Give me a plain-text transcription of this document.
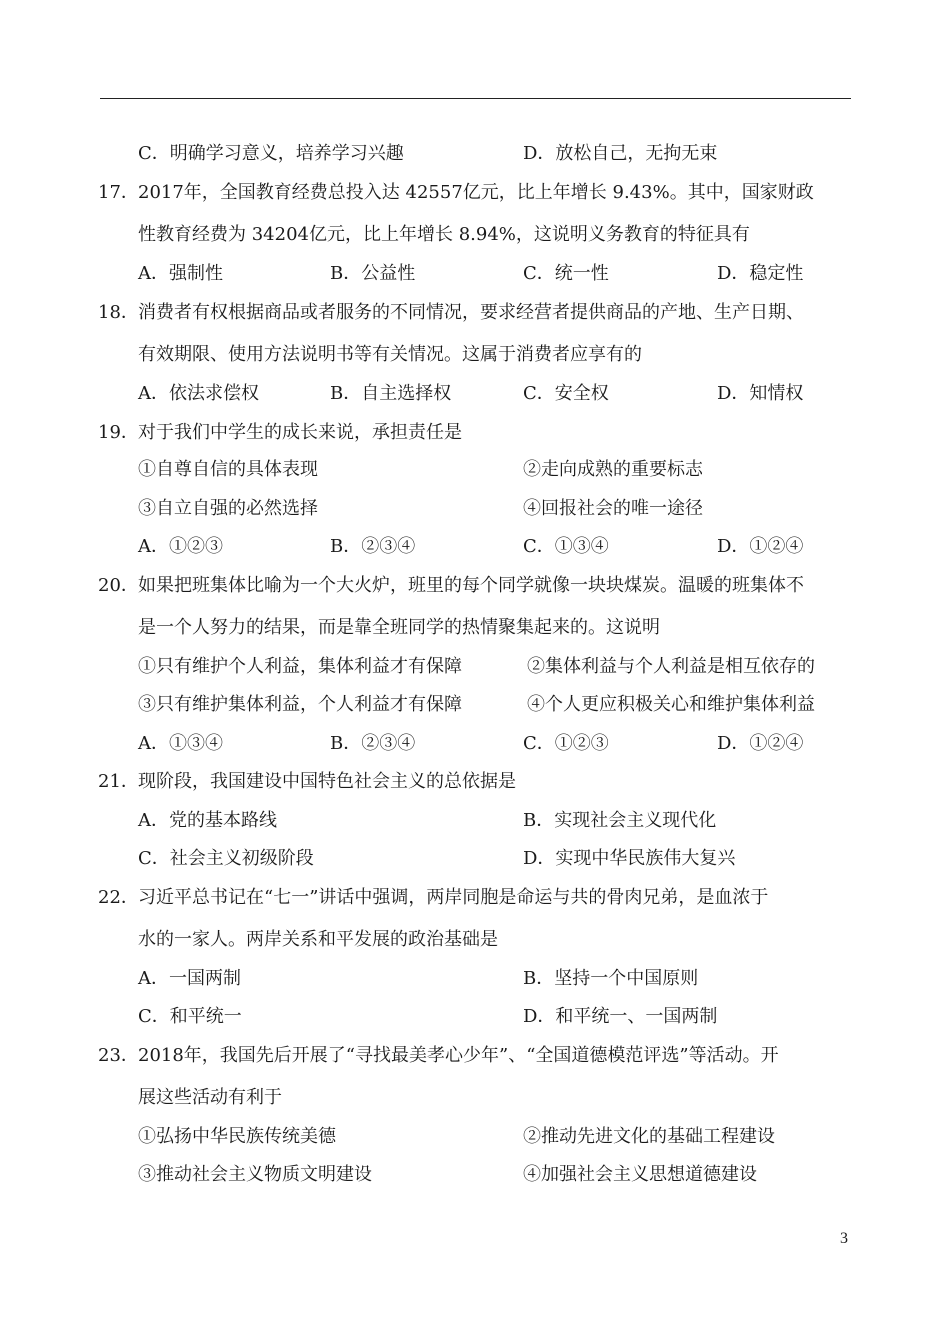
C．明确学习意义，培养学习兴趣	D．放松自己，无拘无束
17． 2017年，全国教育经费总投入达 42557亿元，比上年增长 9.43%。其中，国家财政
性教育经费为 34204亿元，比上年增长 8.94%，这说明义务教育的特征具有
A．强制性	B．公益性	C．统一性	D．稳定性
18． 消费者有权根据商品或者服务的不同情况，要求经营者提供商品的产地、生产日期、
有效期限、使用方法说明书等有关情况。这属于消费者应享有的
A．依法求偿权	B．自主选择权	C．安全权	D．知情权
19． 对于我们中学生的成长来说，承担责任是
①自尊自信的具体表现	②走向成熟的重要标志
③自立自强的必然选择	④回报社会的唯一途径
A．①②③	B．②③④	C．①③④	D．①②④
20． 如果把班集体比喻为一个大火炉，班里的每个同学就像一块块煤炭。温暖的班集体不
是一个人努力的结果，而是靠全班同学的热情聚集起来的。这说明
①只有维护个人利益，集体利益才有保障	②集体利益与个人利益是相互依存的
③只有维护集体利益，个人利益才有保障	④个人更应积极关心和维护集体利益
A．①③④	B．②③④	C．①②③	D．①②④
21． 现阶段，我国建设中国特色社会主义的总依据是
A．党的基本路线	B．实现社会主义现代化
C．社会主义初级阶段	D．实现中华民族伟大复兴
22． 习近平总书记在“七一”讲话中强调，两岸同胞是命运与共的骨肉兄弟，是血浓于
水的一家人。两岸关系和平发展的政治基础是
A．一国两制	B．坚持一个中国原则
C．和平统一	D．和平统一、一国两制
23． 2018年，我国先后开展了“寻找最美孝心少年”、“全国道德模范评选”等活动。开
展这些活动有利于
①弘扬中华民族传统美德	②推动先进文化的基础工程建设
③推动社会主义物质文明建设	④加强社会主义思想道德建设
3
